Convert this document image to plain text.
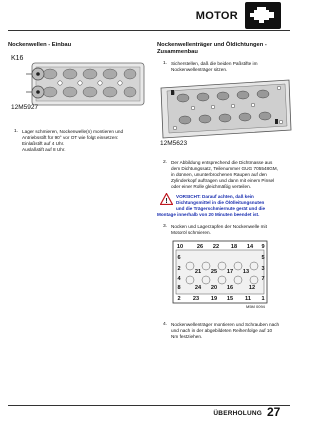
MOTOR
Nockenwellen - Einbau
K16
12M5927
1. Lager schmieren, Nockenwelle(n) montieren und
Antriebsstift für 90° vor OT wie folgt einsetzen:
Einlaßstift auf 4 Uhr.
Auslaßstift auf 8 Uhr.
Nockenwellenträger und Öldichtungen -
Zusammenbau
1. Sicherstellen, daß die beiden Paßstifte im
Nockenwellenträger sitzen.
12M5623
2. Der Abbildung entsprechend die Dichtmasse aus
dem Dichtungssatz, Teilenummer GUG 705548GM,
in dünnen, ununterbrochenen Raupen auf den
Zylinderkopf auftragen und dann mit einem Pinsel
oder einer Rolle gleichmäßig verteilen.
!
VORSICHT: Darauf achten, daß kein
Dichtungsmittel in die Ölölleitungsnuten
und die Trägerschmiernute gerät und die
Montage innerhalb von 20 Minuten beendet ist.
3. Nocken und Lagerzapfen der Nockenwelle mit
Motoröl schmieren.
10 26 22 18 14 9
6
21	17 13
5
2
4
25	3
7
8	24 20 16	12
2 23 19 15 11 1
M5M 0094
4. Nockenwellenträger montieren und Schrauben nach
und nach in der abgebildeten Reihenfolge auf 10
Nm festziehen.
ÜBERHOLUNG 27
